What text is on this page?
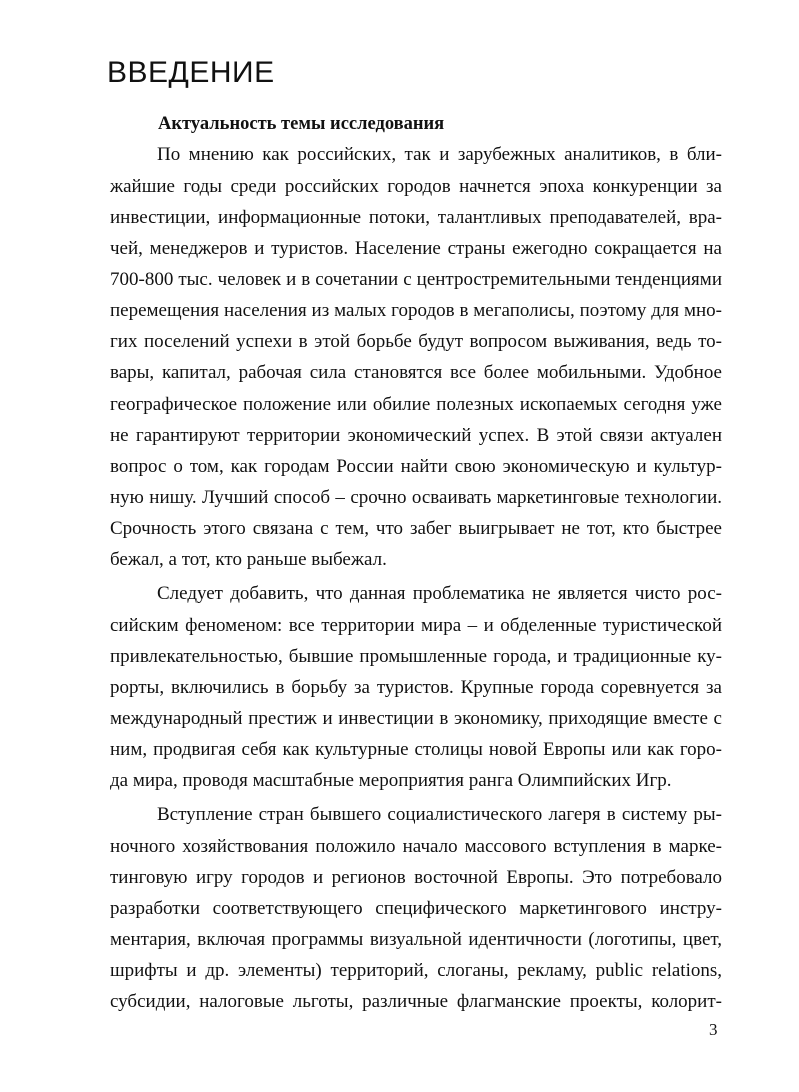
ВВЕДЕНИЕ
Актуальность темы исследования

По мнению как российских, так и зарубежных аналитиков, в бли-

жайшие годы среди российских городов начнется эпоха конкуренции за

инвестиции, информационные потоки, талантливых преподавателей, вра-

чей, менеджеров и туристов. Население страны ежегодно сокращается на

700-800 тыс. человек и в сочетании с центростремительными тенденциями

перемещения населения из малых городов в мегаполисы, поэтому для мно-

гих поселений успехи в этой борьбе будут вопросом выживания, ведь то-

вары, капитал, рабочая сила становятся все более мобильными. Удобное

географическое положение или обилие полезных ископаемых сегодня уже

не гарантируют территории экономический успех. В этой связи актуален

вопрос о том, как городам России найти свою экономическую и культур-

ную нишу. Лучший способ – срочно осваивать маркетинговые технологии.

Срочность этого связана с тем, что забег выигрывает не тот, кто быстрее

бежал, а тот, кто раньше выбежал.

Следует добавить, что данная проблематика не является чисто рос-

сийским феноменом: все территории мира – и обделенные туристической

привлекательностью, бывшие промышленные города, и традиционные ку-

рорты, включились в борьбу за туристов. Крупные города соревнуется за

международный престиж и инвестиции в экономику, приходящие вместе с

ним, продвигая себя как культурные столицы новой Европы или как горо-

да мира, проводя масштабные мероприятия ранга Олимпийских Игр.

Вступление стран бывшего социалистического лагеря в систему ры-

ночного хозяйствования положило начало массового вступления в марке-

тинговую игру городов и регионов восточной Европы. Это потребовало

разработки соответствующего специфического маркетингового инстру-

ментария, включая программы визуальной идентичности (логотипы, цвет,

шрифты и др. элементы) территорий, слоганы, рекламу, public relations,

субсидии, налоговые льготы, различные флагманские проекты, колорит-

3
